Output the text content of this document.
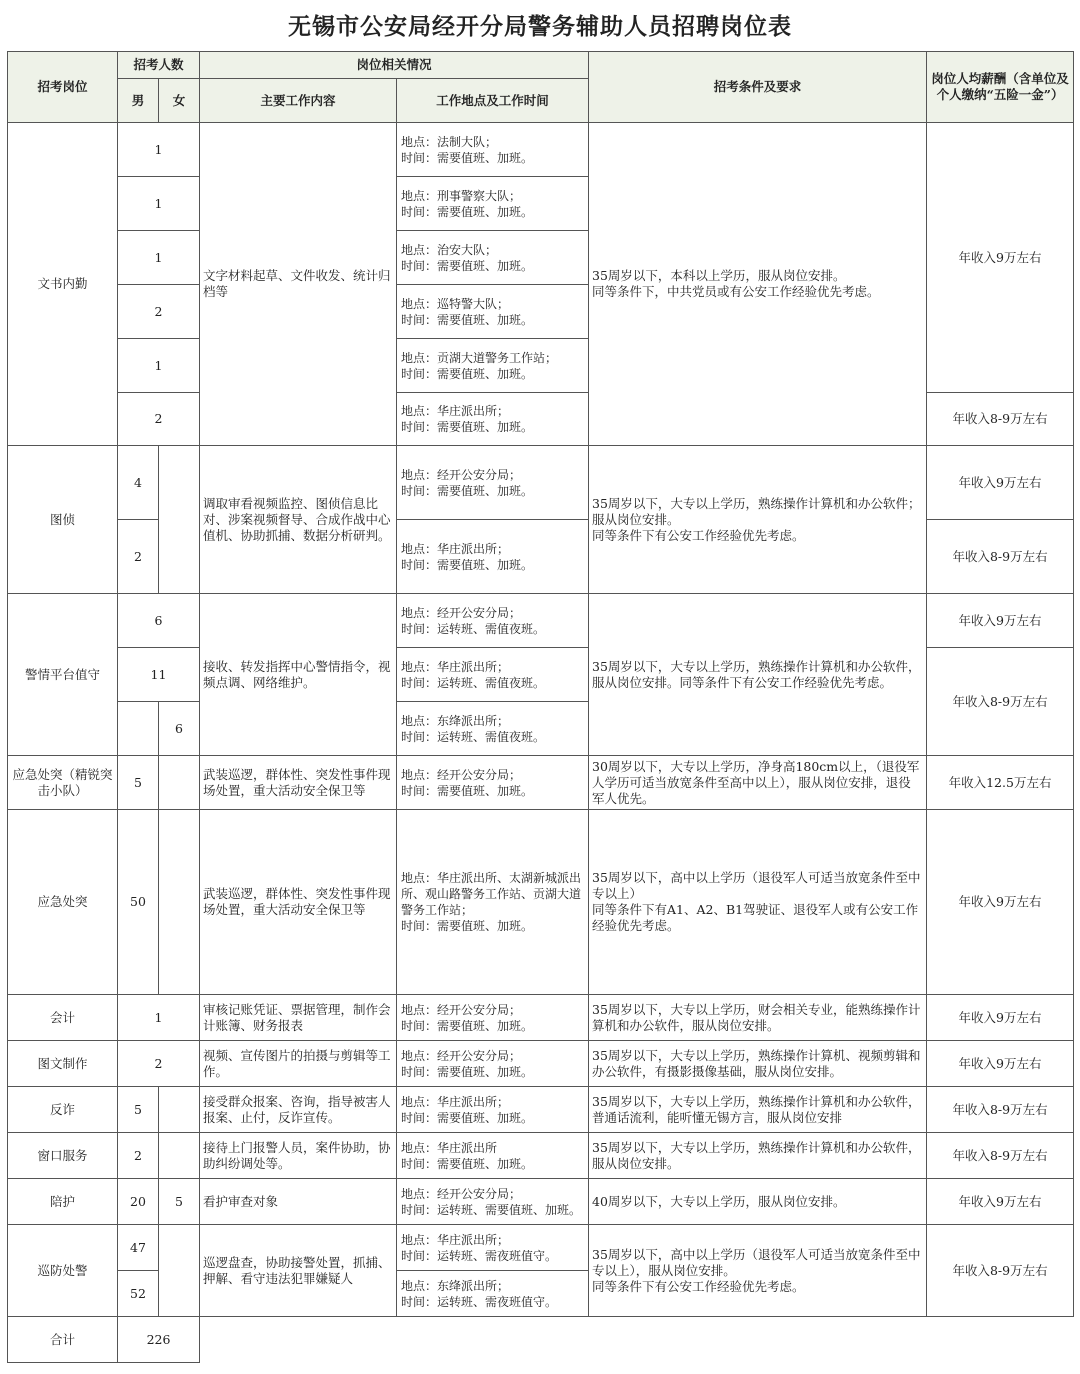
无锡市公安局经开分局警务辅助人员招聘岗位表
招考岗位	招考人数		岗位相关情况		招考条件及要求	岗位人均薪酬（含单位及个人缴纳“五险一金”）
	男	女	主要工作内容	工作地点及工作时间		
文书内勤	1		文字材料起草、文件收发、统计归档等	地点：法制大队；
时间：需要值班、加班。	35周岁以下，本科以上学历，服从岗位安排。
同等条件下，中共党员或有公安工作经验优先考虑。	年收入9万左右
	1			地点：刑事警察大队；
时间：需要值班、加班。		
	1			地点：治安大队；
时间：需要值班、加班。		
	2			地点：巡特警大队；
时间：需要值班、加班。		
	1			地点：贡湖大道警务工作站；
时间：需要值班、加班。		
	2			地点：华庄派出所；
时间：需要值班、加班。		年收入8-9万左右
图侦	4		调取审看视频监控、图侦信息比对、涉案视频督导、合成作战中心值机、协助抓捕、数据分析研判。	地点：经开公安分局；
时间：需要值班、加班。	35周岁以下，大专以上学历，熟练操作计算机和办公软件；服从岗位安排。
同等条件下有公安工作经验优先考虑。	年收入9万左右
	2			地点：华庄派出所；
时间：需要值班、加班。		年收入8-9万左右
警情平台值守	6		接收、转发指挥中心警情指令，视频点调、网络维护。	地点：经开公安分局；
时间：运转班、需值夜班。	35周岁以下，大专以上学历，熟练操作计算机和办公软件，服从岗位安排。同等条件下有公安工作经验优先考虑。	年收入9万左右
	11			地点：华庄派出所；
时间：运转班、需值夜班。		年收入8-9万左右
		6		地点：东绛派出所；
时间：运转班、需值夜班。		
应急处突（精锐突击小队）	5		武装巡逻，群体性、突发性事件现场处置，重大活动安全保卫等	地点：经开公安分局；
时间：需要值班、加班。	30周岁以下，大专以上学历，净身高180cm以上，（退役军人学历可适当放宽条件至高中以上），服从岗位安排，退役军人优先。	年收入12.5万左右
应急处突	50		武装巡逻，群体性、突发性事件现场处置，重大活动安全保卫等	地点：华庄派出所、太湖新城派出所、观山路警务工作站、贡湖大道警务工作站；
时间：需要值班、加班。	35周岁以下，高中以上学历（退役军人可适当放宽条件至中专以上）
同等条件下有A1、A2、B1驾驶证、退役军人或有公安工作经验优先考虑。	年收入9万左右
会计	1		审核记账凭证、票据管理，制作会计账簿、财务报表	地点：经开公安分局；
时间：需要值班、加班。	35周岁以下，大专以上学历，财会相关专业，能熟练操作计算机和办公软件，服从岗位安排。	年收入9万左右
图文制作	2		视频、宣传图片的拍摄与剪辑等工作。	地点：经开公安分局；
时间：需要值班、加班。	35周岁以下，大专以上学历，熟练操作计算机、视频剪辑和办公软件，有摄影摄像基础，服从岗位安排。	年收入9万左右
反诈	5		接受群众报案、咨询，指导被害人报案、止付，反诈宣传。	地点：华庄派出所；
时间：需要值班、加班。	35周岁以下，大专以上学历，熟练操作计算机和办公软件，普通话流利，能听懂无锡方言，服从岗位安排	年收入8-9万左右
窗口服务	2		接待上门报警人员，案件协助，协助纠纷调处等。	地点：华庄派出所
时间：需要值班、加班。	35周岁以下，大专以上学历，熟练操作计算机和办公软件，服从岗位安排。	年收入8-9万左右
陪护	20	5	看护审查对象	地点：经开公安分局；
时间：运转班、需要值班、加班。	40周岁以下，大专以上学历，服从岗位安排。	年收入9万左右
巡防处警	47		巡逻盘查，协助接警处置，抓捕、押解、看守违法犯罪嫌疑人	地点：华庄派出所；
时间：运转班、需夜班值守。	35周岁以下，高中以上学历（退役军人可适当放宽条件至中专以上），服从岗位安排。
同等条件下有公安工作经验优先考虑。	年收入8-9万左右
	52			地点：东绛派出所；
时间：运转班、需夜班值守。		
合计	226					
